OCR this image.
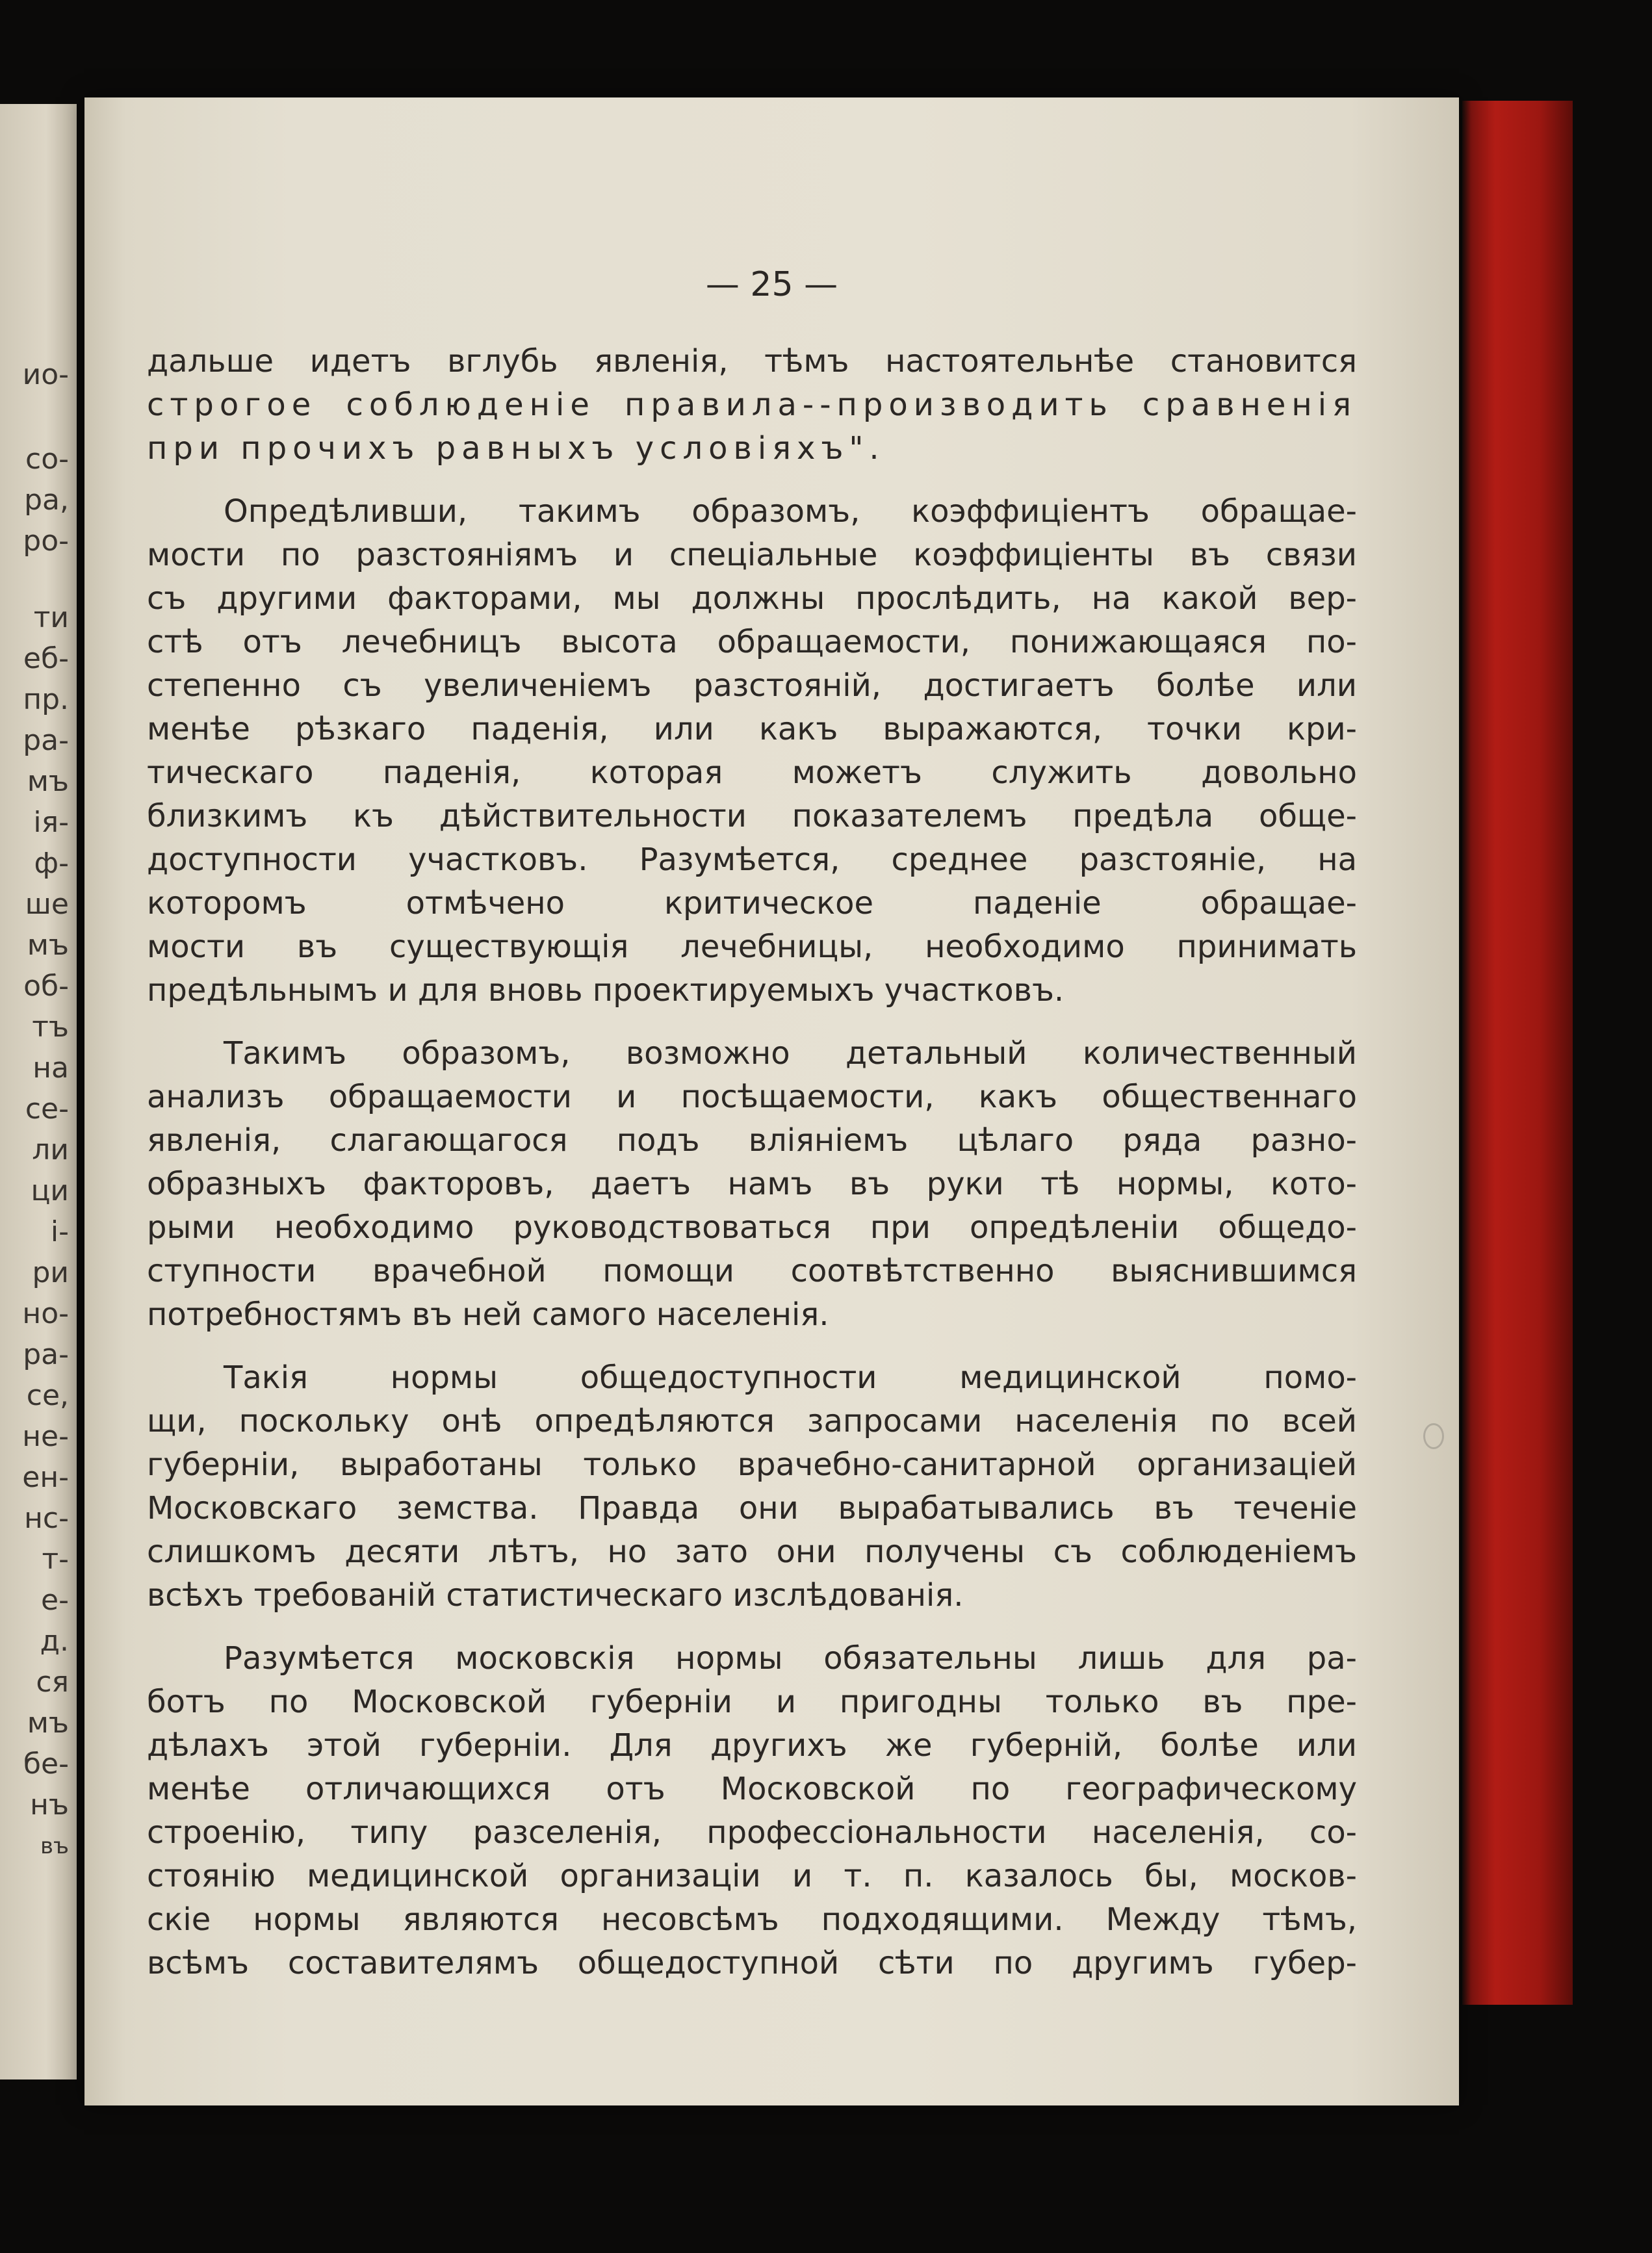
ио-
со-
ра,
ро-
ти
еб-
пр.
ра-
мъ
ія-
ф-
ше
мъ
об-
тъ
на
се-
ли
ци
і-
ри
но-
ра-
се,
не-
ен-
нс-
т-
е-
д.
ся
мъ
бе-
нъ
въ
— 25 —
дальше идетъ вглубь явленія, тѣмъ настоятельнѣе становится
строгое соблюденіе правила--производить сравненія
при прочихъ равныхъ условіяхъ".
Опредѣливши, такимъ образомъ, коэффиціентъ обращае-
мости по разстояніямъ и спеціальные коэффиціенты въ связи
съ другими факторами, мы должны прослѣдить, на какой вер-
стѣ отъ лечебницъ высота обращаемости, понижающаяся по-
степенно съ увеличеніемъ разстояній, достигаетъ болѣе или
менѣе рѣзкаго паденія, или какъ выражаются, точки кри-
тическаго паденія, которая можетъ служить довольно
близкимъ къ дѣйствительности показателемъ предѣла обще-
доступности участковъ. Разумѣется, среднее разстояніе, на
которомъ отмѣчено критическое паденіе обращае-
мости въ существующія лечебницы, необходимо принимать
предѣльнымъ и для вновь проектируемыхъ участковъ.
Такимъ образомъ, возможно детальный количественный
анализъ обращаемости и посѣщаемости, какъ общественнаго
явленія, слагающагося подъ вліяніемъ цѣлаго ряда разно-
образныхъ факторовъ, даетъ намъ въ руки тѣ нормы, кото-
рыми необходимо руководствоваться при опредѣленіи общедо-
ступности врачебной помощи соотвѣтственно выяснившимся
потребностямъ въ ней самого населенія.
Такія нормы общедоступности медицинской помо-
щи, поскольку онѣ опредѣляются запросами населенія по всей
губерніи, выработаны только врачебно-санитарной организаціей
Московскаго земства. Правда они вырабатывались въ теченіе
слишкомъ десяти лѣтъ, но зато они получены съ соблюденіемъ
всѣхъ требованій статистическаго изслѣдованія.
Разумѣется московскія нормы обязательны лишь для ра-
ботъ по Московской губерніи и пригодны только въ пре-
дѣлахъ этой губерніи. Для другихъ же губерній, болѣе или
менѣе отличающихся отъ Московской по географическому
строенію, типу разселенія, профессіональности населенія, со-
стоянію медицинской организаціи и т. п. казалось бы, москов-
скіе нормы являются несовсѣмъ подходящими. Между тѣмъ,
всѣмъ составителямъ общедоступной сѣти по другимъ губер-
